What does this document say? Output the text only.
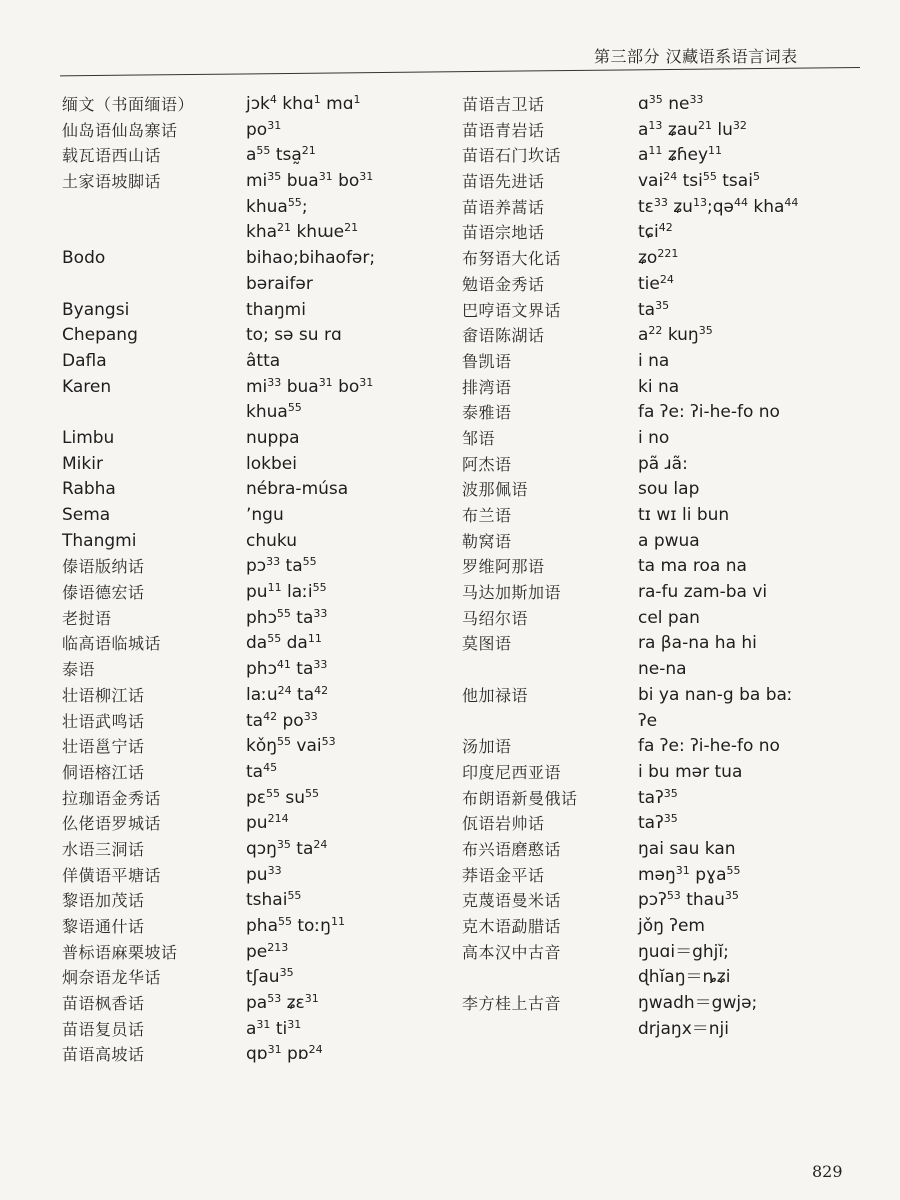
第三部分 汉藏语系语言词表
缅文（书面缅语）
仙岛语仙岛寨话
载瓦语西山话
土家语坡脚话
Bodo
Byangsi
Chepang
Dafla
Karen
Limbu
Mikir
Rabha
Sema
Thangmi
傣语版纳话
傣语德宏话
老挝语
临高语临城话
泰语
壮语柳江话
壮语武鸣话
壮语邕宁话
侗语榕江话
拉珈语金秀话
仫佬语罗城话
水语三洞话
佯僙语平塘话
黎语加茂话
黎语通什话
普标语麻栗坡话
炯奈语龙华话
苗语枫香话
苗语复员话
苗语高坡话
jɔk$^4$ khɑ$^1$ mɑ$^1$
$po^{31}$
$a^{55}$ tsa̰$^{21}$
$mi^{35}$ bua$^{31}$ $bo^{31}$
khua$^{55}$;
kha$^{21}$ khɯe$^{21}$
bihao;bihaofər;
bəraifər
thaŋmi
to; sə su rɑ
âtta
$mi^{33}$ bua$^{31}$ $bo^{31}$
khua$^{55}$
nuppa
lokbei
nébra-músa
ʼngu
chuku
pɔ$^{33}$ $ta^{55}$
$pu^{11}$ laːi$^{55}$
phɔ$^{55}$ $ta^{33}$
$da^{55}$ $da^{11}$
phɔ$^{41}$ $ta^{33}$
laːu$^{24}$ $ta^{42}$
$ta^{42}$ $po^{33}$
kǒŋ$^{55}$ vai$^{53}$
$ta^{45}$
pɛ$^{55}$ $su^{55}$
$pu^{214}$
qɔŋ$^{35}$ $ta^{24}$
$pu^{33}$
tshai$^{55}$
pha$^{55}$ toːŋ$^{11}$
$pe^{213}$
tʃau$^{35}$
$pa^{53}$ ʑɛ$^{31}$
$a^{31}$ $ti^{31}$
qɒ$^{31}$ pɒ$^{24}$
苗语吉卫话
苗语青岩话
苗语石门坎话
苗语先进话
苗语养蒿话
苗语宗地话
布努语大化话
勉语金秀话
巴哼语文界话
畲语陈湖话
鲁凯语
排湾语
泰雅语
邹语
阿杰语
波那佩语
布兰语
勒窝语
罗维阿那语
马达加斯加语
马绍尔语
莫图语
他加禄语
汤加语
印度尼西亚语
布朗语新曼俄话
佤语岩帅话
布兴语磨憨话
莽语金平话
克蔑语曼米话
克木语勐腊话
高本汉中古音
李方桂上古音
ɑ$^{35}$ $ne^{33}$
$a^{13}$ ʑau$^{21}$ $lu^{32}$
$a^{11}$ ʑɦey$^{11}$
vai$^{24}$ tsi$^{55}$ tsai$^5$
tɛ$^{33}$ ʑu$^{13}$;qə$^{44}$ kha$^{44}$
tɕi$^{42}$
ʑo$^{221}$
tie$^{24}$
$ta^{35}$
$a^{22}$ kuŋ$^{35}$
i na
ki na
fa ʔe: ʔi-he-fo no
i no
pã ɹã:
sou lap
tɪ wɪ li bun
a pwua
ta ma roa na
ra-fu zam-ba vi
cel pan
ra βa-na ha hi
ne-na
bi ya nan-g ba baː
ʔe
fa ʔe: ʔi-he-fo no
i bu mər tua
taʔ$^{35}$
taʔ$^{35}$
ŋai sau kan
məŋ$^{31}$ pɣa$^{55}$
pɔʔ$^{53}$ thau$^{35}$
jǒŋ ʔem
ŋuɑi＝ghjĭ;
ɖhĭaŋ＝ȵʑi
ŋwadh＝gwjə;
drjaŋx＝nji
829
